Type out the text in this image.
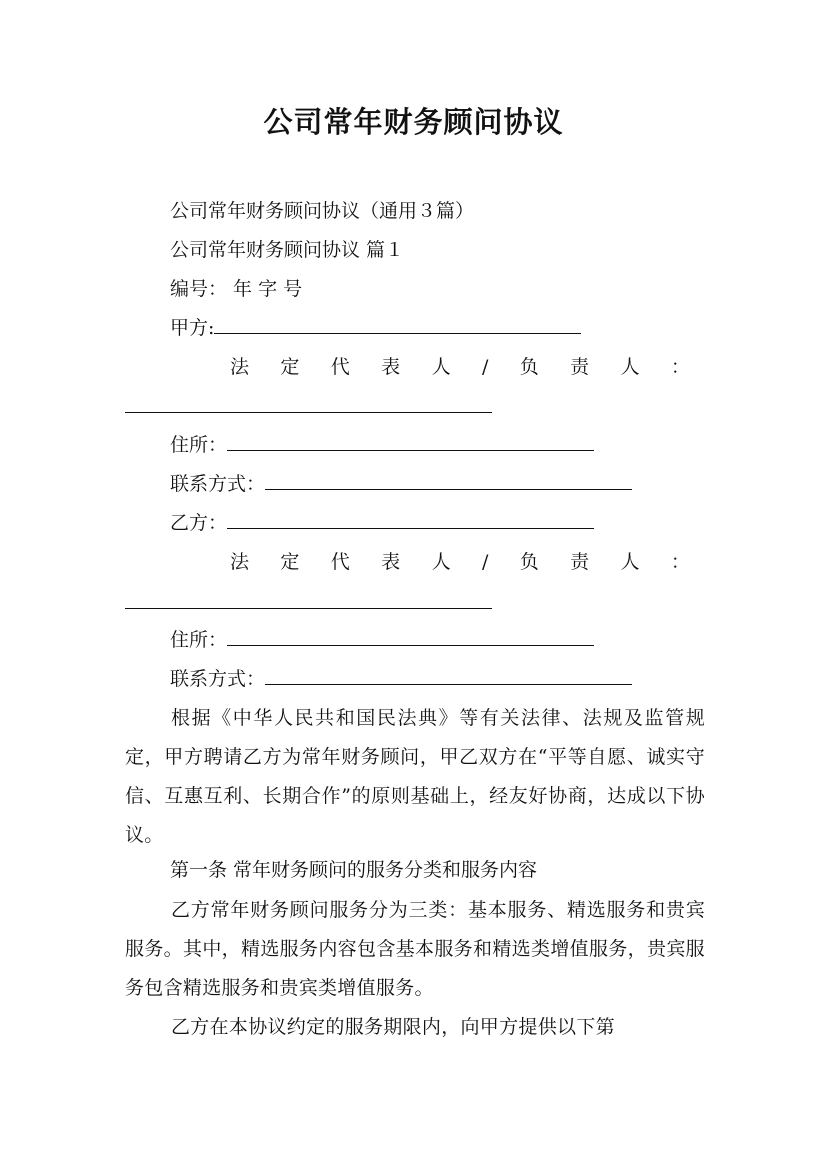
公司常年财务顾问协议
公司常年财务顾问协议（通用３篇）
公司常年财务顾问协议 篇１
编号： 年 字 号
甲方:
法 定 代 表 人 / 负 责 人 ：
住所：
联系方式：
乙方：
法 定 代 表 人 / 负 责 人 ：
住所：
联系方式：
根据《中华人民共和国民法典》等有关法律、法规及监管规定，甲方聘请乙方为常年财务顾问，甲乙双方在“平等自愿、诚实守信、互惠互利、长期合作”的原则基础上，经友好协商，达成以下协议。
第一条 常年财务顾问的服务分类和服务内容
乙方常年财务顾问服务分为三类：基本服务、精选服务和贵宾服务。其中，精选服务内容包含基本服务和精选类增值服务，贵宾服务包含精选服务和贵宾类增值服务。
乙方在本协议约定的服务期限内，向甲方提供以下第
